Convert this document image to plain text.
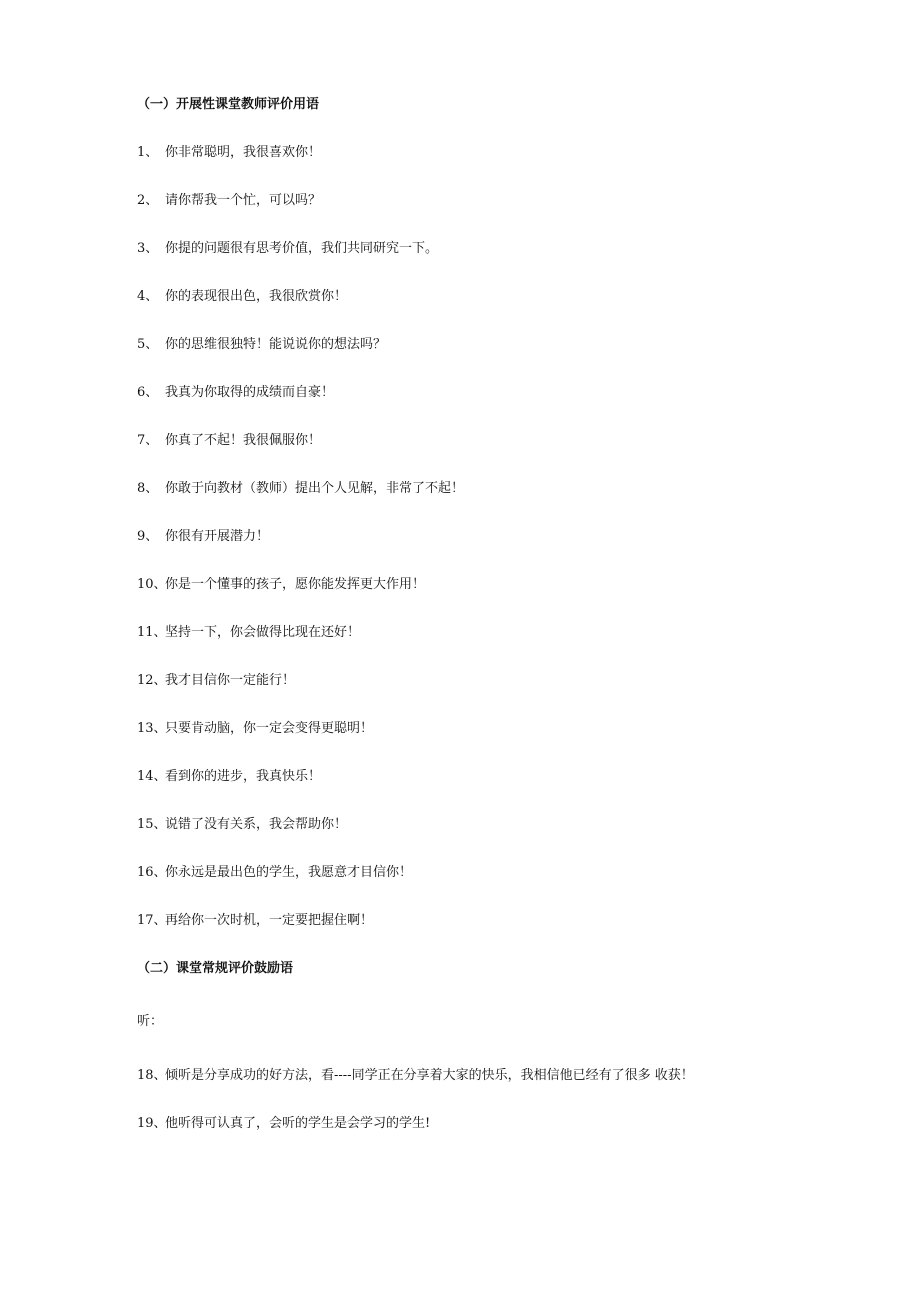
（一）开展性课堂教师评价用语
1、 你非常聪明，我很喜欢你！
2、 请你帮我一个忙，可以吗？
3、 你提的问题很有思考价值，我们共同研究一下。
4、 你的表现很出色，我很欣赏你！
5、 你的思维很独特！能说说你的想法吗？
6、 我真为你取得的成绩而自豪！
7、 你真了不起！我很佩服你！
8、 你敢于向教材（教师）提出个人见解，非常了不起！
9、 你很有开展潜力！
10、你是一个懂事的孩子，愿你能发挥更大作用！
11、坚持一下，你会做得比现在还好！
12、我才目信你一定能行！
13、只要肯动脑，你一定会变得更聪明！
14、看到你的进步，我真快乐！
15、说错了没有关系，我会帮助你！
16、你永远是最出色的学生，我愿意才目信你！
17、再给你一次时机，一定要把握住啊！
（二）课堂常规评价鼓励语
听：
18、倾听是分享成功的好方法，看----同学正在分享着大家的快乐，我相信他已经有了很多 收获！
19、他听得可认真了，会听的学生是会学习的学生!
